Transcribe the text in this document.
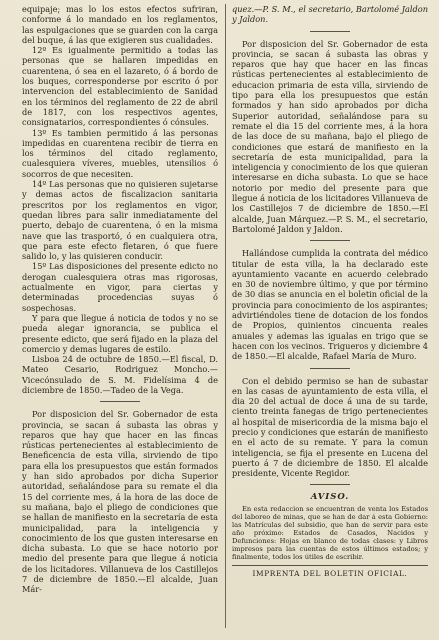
equipaje; mas lo los estos efectos sufriran, conforme á lo mandado en los reglamentos, las espulgaciones que se guarden con la carga del buque, á las que exigieren sus cualidades.

12º Es igualmente permitido a todas las personas que se hallaren impedidas en cuarentena, ó sea en el lazareto, ó á bordo de los buques, corresponderse por escrito ó por intervencion del establecimiento de Sanidad en los términos del reglamento de 22 de abril de 1817, con los respectivos agentes, consignatarios, correspondientes ó cónsules.

13º Es tambien permitido á las personas impedidas en cuarentena recibir de tierra en los términos del citado reglamento, cualesquiera víveres, muebles, utensilios ó socorros de que necesiten.

14º Las personas que no quisieren sujetarse y demas actos de fiscalizacion sanitaria prescritos por los reglamentos en vigor, quedan libres para salir inmediatamente del puerto, debajo de cuarentena, ó en la misma nave que las trasportó, ó en cualquiera otra, que para este efecto fletaren, ó que fuere salido lo, y las quisieren conducir.

15º Las disposiciones del presente edicto no derogan cualesquiera otras mas rigorosas, actualmente en vigor, para ciertas y determinadas procedencias suyas ó sospechosas.

Y para que llegue á noticia de todos y no se pueda alegar ignorancia, se publica el presente edicto, que será fijado en la plaza del comercio y demas lugares de estilo.

Lisboa 24 de octubre de 1850.—El fiscal, D. Mateo Cesario, Rodriguez Moncho.—Vicecónsulado de S. M. Fidelísima 4 de diciembre de 1850.—Tadeo de la Vega.

Por disposicion del Sr. Gobernador de esta provincia, se sacan á subasta las obras y reparos que hay que hacer en las fincas rústicas pertenecientes al establecimiento de Beneficencia de esta villa, sirviendo de tipo para ella los presupuestos que están formados y han sido aprobados por dicha Superior autoridad, señalándose para su remate el dia 15 del corriente mes, á la hora de las doce de su mañana, bajo el pliego de condiciones que se hallan de manifiesto en la secretaría de esta municipalidad, para la inteligencia y conocimiento de los que gusten interesarse en dicha subasta. Lo que se hace notorio por medio del presente para que llegue á noticia de los licitadores. Villanueva de los Castillejos 7 de diciembre de 1850.—El alcalde, Juan Már-

quez.—P. S. M., el secretario, Bartolomé Jaldon y Jaldon.

Por disposicion del Sr. Gobernador de esta provincia, se sacan á subasta las obras y reparos que hay que hacer en las fincas rústicas pertenecientes al establecimiento de educacion primaria de esta villa, sirviendo de tipo para ella los presupuestos que están formados y han sido aprobados por dicha Superior autoridad, señalándose para su remate el dia 15 del corriente mes, á la hora de las doce de su mañana, bajo el pliego de condiciones que estará de manifiesto en la secretaría de esta municipalidad, para la inteligencia y conocimiento de los que quieran interesarse en dicha subasta. Lo que se hace notorio por medio del presente para que llegue á noticia de los licitadores Villanueva de los Castillejos 7 de diciembre de 1850.—El alcalde, Juan Márquez.—P. S. M., el secretario, Bartolomé Jaldon y Jaldon.

Hallándose cumplida la contrata del médico titular de esta villa, la ha declarado este ayuntamiento vacante en acuerdo celebrado en 30 de noviembre último, y que por término de 30 dias se anuncia en el boletin oficial de la provincia para conocimiento de los aspirantes; advirtiéndoles tiene de dotacion de los fondos de Propios, quinientos cincuenta reales anuales y ademas las igualas en trigo que se hacen con los vecinos. Trigueros y diciembre 4 de 1850.—El alcalde, Rafael María de Muro.

Con el debido permiso se han de subastar en las casas de ayuntamiento de esta villa, el dia 20 del actual de doce á una de su tarde, ciento treinta fanegas de trigo pertenecientes al hospital de misericordia de la misma bajo el precio y condiciones que estarán de manifiesto en el acto de su remate. Y para la comun inteligencia, se fija el presente en Lucena del puerto á 7 de diciembre de 1850. El alcalde presidente, Vicente Regidor.

AVISO.

En esta redaccion se encuentran de venta los Estados del laboreo de minas, que se han de dar á esta Gobierno: las Matrículas del subsidio, que han de servir para este año próximo: Estados de Casados, Nacidos y Defunciones: Hojas en blanco de todas clases: y Libros impresos para las cuentas de estos últimos estados; y finalmente, todos los útiles de escribir.

IMPRENTA DEL BOLETIN OFICIAL.
